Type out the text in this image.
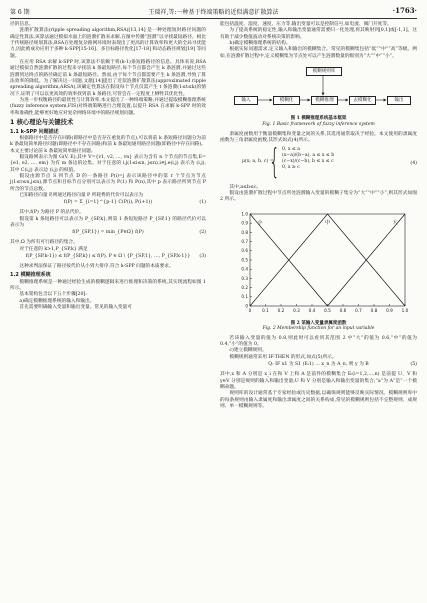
第 6 期	王瑞祥,等:一种基于终端策略的近似满意扩散算法	·1763·

径的信息。

涟漪扩散算法(ripple spreading algorithm,RSA)[13,14] 是一种处理短时路径问题的确定性算法,该算法通过模拟水面上的涟漪扩散来求解,在图中传播“涟漪”以寻找最短路径。相比于传统路径规划算法,RSA在处理复杂路网环境时表现出了更高的计算效率和更大的全局寻优能力,因此被成功应用于多种 k-SPP[15-16]、多目标路径优化[17-18] 和动态路径规划[19] 等问题。

在应用 RSA 求解 k-SPP 时,该算法不依赖于将(k-1)条短路路径的信息。具体来说,RSA 通过模拟自然涟漪扩散的过程来寻找前 k 条最短路径,每个节点都会产生 k 条涟漪,并通过这些涟漪到达终点的路径确定前 k 条最短路径。然而,由于每个节点都需要产生 k 条涟漪,导致了算法效率的降低。为了解决这一问题,文献[14]提出了近似涟漪扩散算法(approximated ripple spreading algorithm,ARSA),该确定性算法在假设每个节点仅需产生 t 条涟漪(1≤t≤k)的情况下,证明了可以以更高效的效率找到前 k 条路径,尽管会在一定程度上牺牲其优化性。

为进一步权衡路径的最优性与计算效率,本文提出了一种终端策略,并通过提取模糊推理系统(fuzzy inference system,FIS)对终端策略进行合理设置,以提升 RSA 在求解 k-SPP 时的效率和准确性,能够更好地应对复杂网络环境中的路径规划问题。

1 核心理论与关键技术
1.1 k-SPP 问题描述

根据路径中是否存在回路(即路径中是否存在重复的节点),可以将前 k 条短路径问题分为前 k 条最短简单路径问题(即路径中不存在回路)和前 k 条最短通用路径问题(即路径中存在回路)。本文主要讨论前 k 条最短简单路径问题。

假设路网表示为图 G(V, E),其中 V={v1, v2, …, vn} 表示为含有 n 个节点的节点集,E={e1, e2, …, em} 为有 m 条边的边集。对于任意的 i,j(1≤i≤n, j≤n),i≠j,e(i,j) 表示为 (i,j),其中 C(i,j) 表示边 (i,j) 的权值。

假设由源节点 S 到节点 D 的一条路径 P(i)=j 表示该路径中的第 r 个节点为节点 j(1≤r≤n,j≤n),源节点和目标节点分别可以表示为 P(1) 和 P(n),其中 p 表示路径所到节点 P 所含的节点总数。

已知路径向量 P,则通过路径向量 P 所耗费的代价可以表示为

f(P) = Σ_{i=1}^{p-1} C(P(i), P(i+1))	(1)

其中,f(P) 为路径 P 的总代价。

假设第 k 条短路径可以表示为 P_{SP,k},则第 1 条短短路径 P_{SP,1} 的路径代价可以表示为

f(P_{SP,1}) = min_{P∈Ω} f(P)	(2)

其中,Ω 为所有可行路径的集合。

对于任意的 k>1,P_{SP,k} 满足

f(P_{SP,k-1}) ≤ f(P_{SP,k}) ≤ f(P), P ∈ Ω \ {P_{SP,1}, …, P_{SP,k-1}} (3)

这种求判法保证了路径按代价从小到大排序,符合 k-SPP 问题的本质要求。

1.2 模糊推理系统

模糊推理系统是一种通过经验生成的模糊逻辑来进行推理和决策的系统,其实现流程如图 1 所示。

基本架构包含以下五个步骤[20]:

a)确定模糊推理系统的输入和输出。

首先需要明确输入变量和输出变量。常见的输入变量可

能包括温度、湿度、速度、压力等,输出变量可以是控制信号,如电流、阀门开度等。

为了提高系统的稳定性,输入和输出变量通常需要归一化处理,将其映射到[0,1]或[-1,1]。这有助于减少数值波动对系统决策的影响。

b)确定模糊推理系统的结构。

根据实际问题需求,定义输入和输出的模糊集合。常见的模糊集包括“低”“中”“高”等级。例如,在涟漪扩散过程中,定义模糊集为节点处可以产生涟漪数量的级别为“大”“中”“小”。

模糊规则库
输入	模糊化	模糊推理	去模糊化	输出
图 1 模糊推理系统基本框架
Fig. 1 Basic framework of fuzzy inference system

隶属度函数用于衡量模糊集和变量之间的关系,其选用通常取决于经验。本文使用的隶属度函数为三角隶属度函数,其形式如式(4)所示。

μ(x; a, b, c) =
{ 0, x ≤ a
(x−a)/(b−a), a ≤ x ≤ b
(c−x)/(c−b), b ≤ x ≤ c
0, x ≥ c
(4)

其中,a≤b≤c。

假设由涟漪扩散过程中节点所处涟漪输入变量的模糊子集分为“大”“中”“小”,则其形式如图 2 所示。

0	0.1 0.2 0.3 0.4 0.5 0.6 0.7 0.8 0.9 1.0
0
0.1
0.2
0.3
0.4
0.5
0.6
0.7
0.8
0.9
1.0
小	中	大
图 2 某输入变量隶属度函数
Fig. 2 Membership function for an input variable

若该输入变量的值为 0.8,则此时可以看到其范围 2 中“大”的值为 0.6,“中”的值为 0.4,“小”的值为 0。

c)建立模糊规则。

模糊规则通常采用 IF-THEN 的形式,如式(5)所示。

Q: IF x1 为 S1 (Eᵢ1) … x_n 为 A_n, 则 y 为 B	(5)

其中,x 和 A 分别是 x_i 在和 V 上和 A 是前件的模糊集合 Eᵢ(i=1,2,…,n) 是前提 U、V 和 y∈V 分别是规则的输入和输出变量;U 和 V 分别是输入和输出变量的集合;“a”为 A“是”一个模糊命题。

规则库的设计通常基于专家经验或历史数据,以确保规则能够反映实际情况。模糊规则库中的每条规则由输入隶属度和输出隶属度之间的关系构成,常见的模糊规则包括不完整规则、成规则、单一模糊规则等。
